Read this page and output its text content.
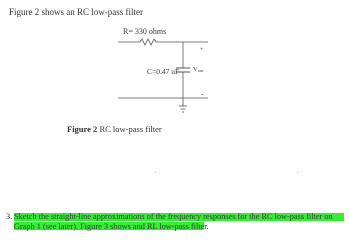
Figure 2 shows an RC low-pass filter
R= 330 ohms
C=0.47 uF
+
Vout
-
Figure 2 RC low-pass filter
3. Sketch the straight-line approximations of the frequency responses for the RC low-pass filter on
Graph 1 (see later). Figure 3 shows and RL low-pass filter.
